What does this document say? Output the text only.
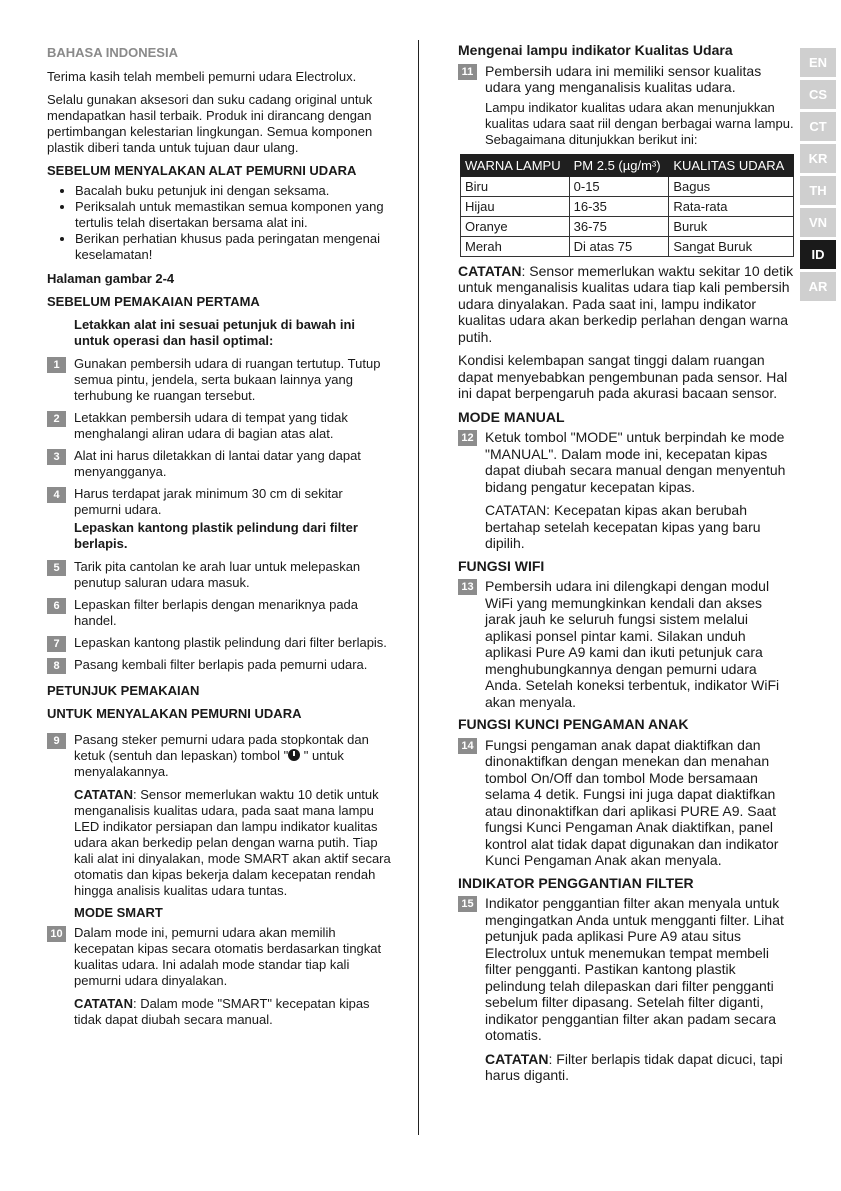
BAHASA INDONESIA

Terima kasih telah membeli pemurni udara Electrolux.

Selalu gunakan aksesori dan suku cadang original untuk mendapatkan hasil terbaik. Produk ini dirancang dengan pertimbangan kelestarian lingkungan. Semua komponen plastik diberi tanda untuk tujuan daur ulang.

SEBELUM MENYALAKAN ALAT PEMURNI UDARA

• Bacalah buku petunjuk ini dengan seksama.
• Periksalah untuk memastikan semua komponen yang tertulis telah disertakan bersama alat ini.
• Berikan perhatian khusus pada peringatan mengenai keselamatan!

Halaman gambar 2-4

SEBELUM PEMAKAIAN PERTAMA

Letakkan alat ini sesuai petunjuk di bawah ini untuk operasi dan hasil optimal:

1	Gunakan pembersih udara di ruangan tertutup. Tutup semua pintu, jendela, serta bukaan lainnya yang terhubung ke ruangan tersebut.

2	Letakkan pembersih udara di tempat yang tidak menghalangi aliran udara di bagian atas alat.

3	Alat ini harus diletakkan di lantai datar yang dapat menyangganya.

4	Harus terdapat jarak minimum 30 cm di sekitar pemurni udara.

Lepaskan kantong plastik pelindung dari filter berlapis.

5	Tarik pita cantolan ke arah luar untuk melepaskan penutup saluran udara masuk.

6	Lepaskan filter berlapis dengan menariknya pada handel.

7	Lepaskan kantong plastik pelindung dari filter berlapis.

8	Pasang kembali filter berlapis pada pemurni udara.

PETUNJUK PEMAKAIAN

UNTUK MENYALAKAN PEMURNI UDARA

9	Pasang steker pemurni udara pada stopkontak dan ketuk (sentuh dan lepaskan) tombol " " untuk menyalakannya.

CATATAN: Sensor memerlukan waktu 10 detik untuk menganalisis kualitas udara, pada saat mana lampu LED indikator persiapan dan lampu indikator kualitas udara akan berkedip pelan dengan warna putih. Tiap kali alat ini dinyalakan, mode SMART akan aktif secara otomatis dan kipas bekerja dalam kecepatan rendah hingga analisis kualitas udara tuntas.

MODE SMART

10 Dalam mode ini, pemurni udara akan memilih kecepatan kipas secara otomatis berdasarkan tingkat kualitas udara. Ini adalah mode standar tiap kali pemurni udara dinyalakan.

CATATAN: Dalam mode "SMART" kecepatan kipas tidak dapat diubah secara manual.

Mengenai lampu indikator Kualitas Udara

11 Pembersih udara ini memiliki sensor kualitas udara yang menganalisis kualitas udara.

Lampu indikator kualitas udara akan menunjukkan kualitas udara saat riil dengan berbagai warna lampu. Sebagaimana ditunjukkan berikut ini:

WARNA LAMPU	PM 2.5 (µg/m³)	KUALITAS UDARA
Biru	0-15	Bagus
Hijau	16-35	Rata-rata
Oranye	36-75	Buruk
Merah	Di atas 75	Sangat Buruk

CATATAN: Sensor memerlukan waktu sekitar 10 detik untuk menganalisis kualitas udara tiap kali pembersih udara dinyalakan. Pada saat ini, lampu indikator kualitas udara akan berkedip perlahan dengan warna putih.

Kondisi kelembapan sangat tinggi dalam ruangan dapat menyebabkan pengembunan pada sensor. Hal ini dapat berpengaruh pada akurasi bacaan sensor.

MODE MANUAL

12 Ketuk tombol "MODE" untuk berpindah ke mode "MANUAL". Dalam mode ini, kecepatan kipas dapat diubah secara manual dengan menyentuh bidang pengatur kecepatan kipas.

CATATAN: Kecepatan kipas akan berubah bertahap setelah kecepatan kipas yang baru dipilih.

FUNGSI WIFI

13 Pembersih udara ini dilengkapi dengan modul WiFi yang memungkinkan kendali dan akses jarak jauh ke seluruh fungsi sistem melalui aplikasi ponsel pintar kami. Silakan unduh aplikasi Pure A9 kami dan ikuti petunjuk cara menghubungkannya dengan pemurni udara Anda. Setelah koneksi terbentuk, indikator WiFi akan menyala.

FUNGSI KUNCI PENGAMAN ANAK

14 Fungsi pengaman anak dapat diaktifkan dan dinonaktifkan dengan menekan dan menahan tombol On/Off dan tombol Mode bersamaan selama 4 detik. Fungsi ini juga dapat diaktifkan atau dinonaktifkan dari aplikasi PURE A9. Saat fungsi Kunci Pengaman Anak diaktifkan, panel kontrol alat tidak dapat digunakan dan indikator Kunci Pengaman Anak akan menyala.

INDIKATOR PENGGANTIAN FILTER

15 Indikator penggantian filter akan menyala untuk mengingatkan Anda untuk mengganti filter. Lihat petunjuk pada aplikasi Pure A9 atau situs Electrolux untuk menemukan tempat membeli filter pengganti. Pastikan kantong plastik pelindung telah dilepaskan dari filter pengganti sebelum filter dipasang. Setelah filter diganti, indikator penggantian filter akan padam secara otomatis.

CATATAN: Filter berlapis tidak dapat dicuci, tapi harus diganti.

EN
CS
CT
KR
TH
VN
ID
AR
